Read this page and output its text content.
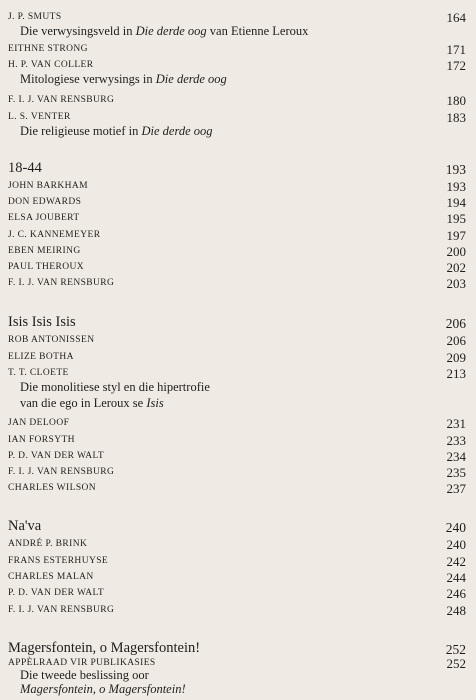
J. P. SMUTS	164
Die verwysingsveld in Die derde oog van Etienne Leroux
EITHNE STRONG	171
H. P. VAN COLLER	172
Mitologiese verwysings in Die derde oog
F. I. J. VAN RENSBURG	180
L. S. VENTER	183
Die religieuse motief in Die derde oog
18-44	193
JOHN BARKHAM	193
DON EDWARDS	194
ELSA JOUBERT	195
J. C. KANNEMEYER	197
EBEN MEIRING	200
PAUL THEROUX	202
F. I. J. VAN RENSBURG	203
Isis Isis Isis	206
ROB ANTONISSEN	206
ELIZE BOTHA	209
T. T. CLOETE	213
Die monolitiese styl en die hipertrofie
van die ego in Leroux se Isis
JAN DELOOF	231
IAN FORSYTH	233
P. D. VAN DER WALT	234
F. I. J. VAN RENSBURG	235
CHARLES WILSON	237
Na'va	240
ANDRÉ P. BRINK	240
FRANS ESTERHUYSE	242
CHARLES MALAN	244
P. D. VAN DER WALT	246
F. I. J. VAN RENSBURG	248
Magersfontein, o Magersfontein!	252
APPÈLRAAD VIR PUBLIKASIES	252
Die tweede beslissing oor
Magersfontein, o Magersfontein!
